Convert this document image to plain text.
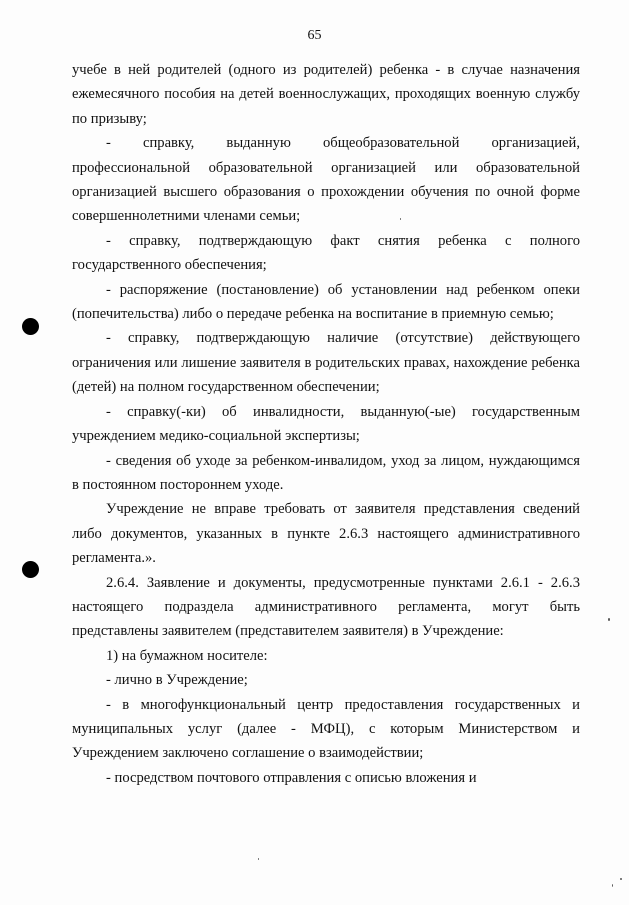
65

учебе в ней родителей (одного из родителей) ребенка - в случае назначения ежемесячного пособия на детей военнослужащих, проходящих военную службу по призыву;

- справку, выданную общеобразовательной организацией, профессиональной образовательной организацией или образовательной организацией высшего образования о прохождении обучения по очной форме совершеннолетними членами семьи;

- справку, подтверждающую факт снятия ребенка с полного государственного обеспечения;

- распоряжение (постановление) об установлении над ребенком опеки (попечительства) либо о передаче ребенка на воспитание в приемную семью;

- справку, подтверждающую наличие (отсутствие) действующего ограничения или лишение заявителя в родительских правах, нахождение ребенка (детей) на полном государственном обеспечении;

- справку(-ки) об инвалидности, выданную(-ые) государственным учреждением медико-социальной экспертизы;

- сведения об уходе за ребенком-инвалидом, уход за лицом, нуждающимся в постоянном постороннем уходе.

Учреждение не вправе требовать от заявителя представления сведений либо документов, указанных в пункте 2.6.3 настоящего административного регламента.».

2.6.4. Заявление и документы, предусмотренные пунктами 2.6.1 - 2.6.3 настоящего подраздела административного регламента, могут быть представлены заявителем (представителем заявителя) в Учреждение:

1) на бумажном носителе:

- лично в Учреждение;

- в многофункциональный центр предоставления государственных и муниципальных услуг (далее - МФЦ), с которым Министерством и Учреждением заключено соглашение о взаимодействии;

- посредством почтового отправления с описью вложения и
